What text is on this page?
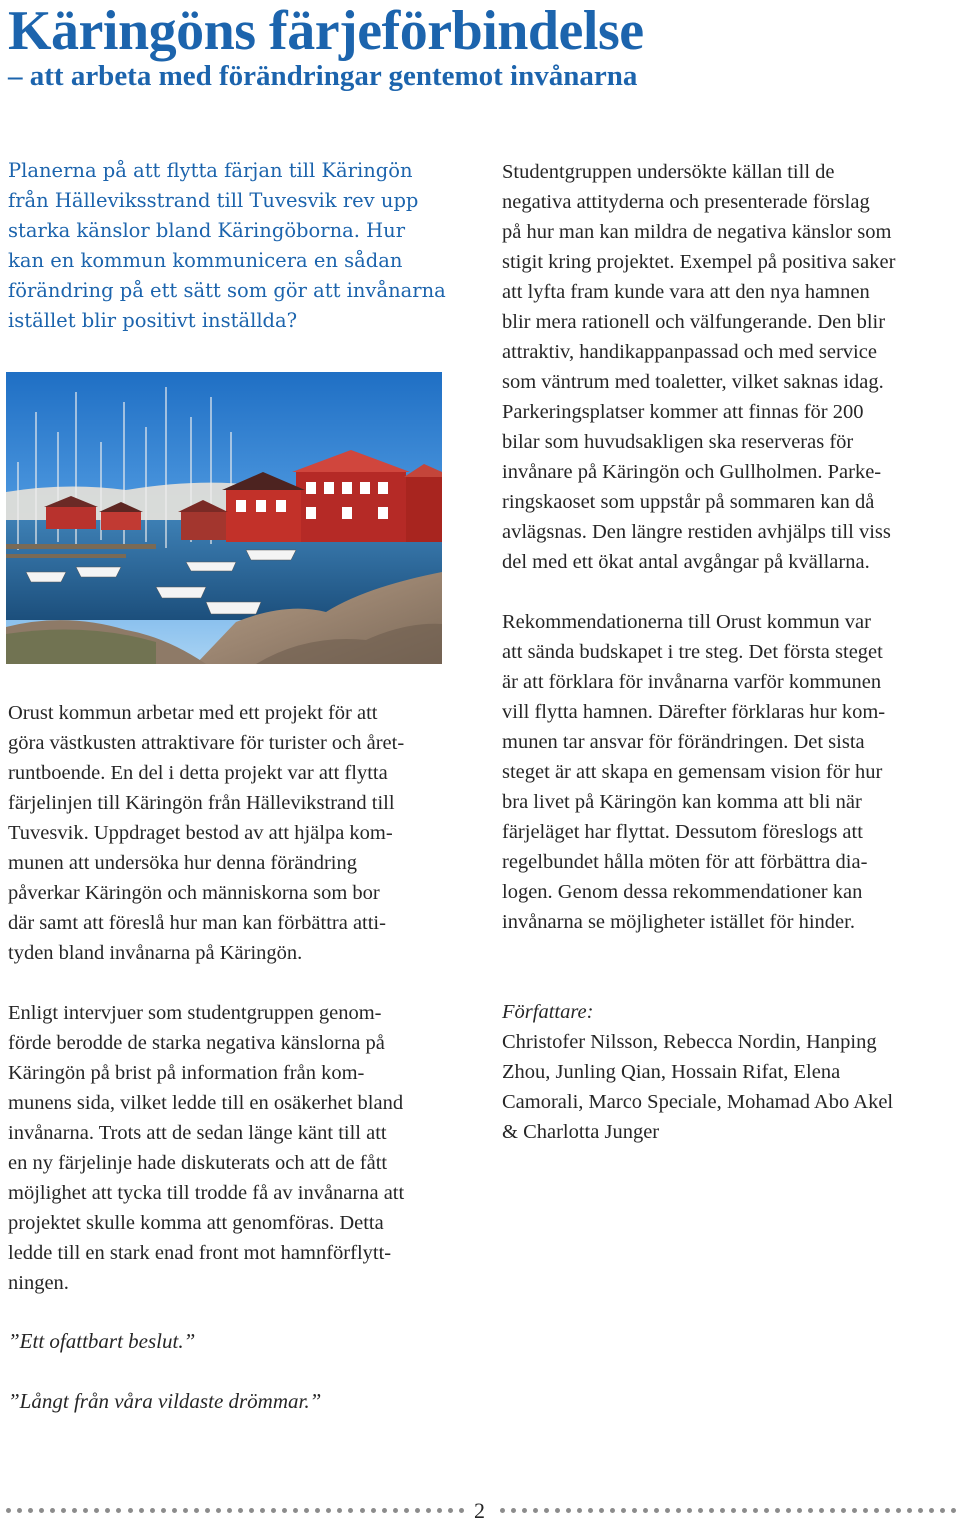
Käringöns färjeförbindelse
– att arbeta med förändringar gentemot invånarna
Planerna på att flytta färjan till Käringön
från Hälleviksstrand till Tuvesvik rev upp
starka känslor bland Käringöborna. Hur
kan en kommun kommunicera en sådan
förändring på ett sätt som gör att invånarna
istället blir positivt inställda?
Orust kommun arbetar med ett projekt för att
göra västkusten attraktivare för turister och året-
runtboende. En del i detta projekt var att flytta
färjelinjen till Käringön från Hällevikstrand till
Tuvesvik. Uppdraget bestod av att hjälpa kom-
munen att undersöka hur denna förändring
påverkar Käringön och människorna som bor
där samt att föreslå hur man kan förbättra atti-
tyden bland invånarna på Käringön.
Enligt intervjuer som studentgruppen genom-
förde berodde de starka negativa känslorna på
Käringön på brist på information från kom-
munens sida, vilket ledde till en osäkerhet bland
invånarna. Trots att de sedan länge känt till att
en ny färjelinje hade diskuterats och att de fått
möjlighet att tycka till trodde få av invånarna att
projektet skulle komma att genomföras. Detta
ledde till en stark enad front mot hamnförflytt-
ningen.
Studentgruppen undersökte källan till de
negativa attityderna och presenterade förslag
på hur man kan mildra de negativa känslor som
stigit kring projektet. Exempel på positiva saker
att lyfta fram kunde vara att den nya hamnen
blir mera rationell och välfungerande. Den blir
attraktiv, handikappanpassad och med service
som väntrum med toaletter, vilket saknas idag.
Parkeringsplatser kommer att finnas för 200
bilar som huvudsakligen ska reserveras för
invånare på Käringön och Gullholmen. Parke-
ringskaoset som uppstår på sommaren kan då
avlägsnas. Den längre restiden avhjälps till viss
del med ett ökat antal avgångar på kvällarna.
Rekommendationerna till Orust kommun var
att sända budskapet i tre steg. Det första steget
är att förklara för invånarna varför kommunen
vill flytta hamnen. Därefter förklaras hur kom-
munen tar ansvar för förändringen. Det sista
steget är att skapa en gemensam vision för hur
bra livet på Käringön kan komma att bli när
färjeläget har flyttat. Dessutom föreslogs att
regelbundet hålla möten för att förbättra dia-
logen. Genom dessa rekommendationer kan
invånarna se möjligheter istället för hinder.

Författare:

Christofer Nilsson, Rebecca Nordin, Hanping
Zhou, Junling Qian, Hossain Rifat, Elena
Camorali, Marco Speciale, Mohamad Abo Akel
& Charlotta Junger

”Ett ofattbart beslut.”

”Långt från våra vildaste drömmar.”

2
